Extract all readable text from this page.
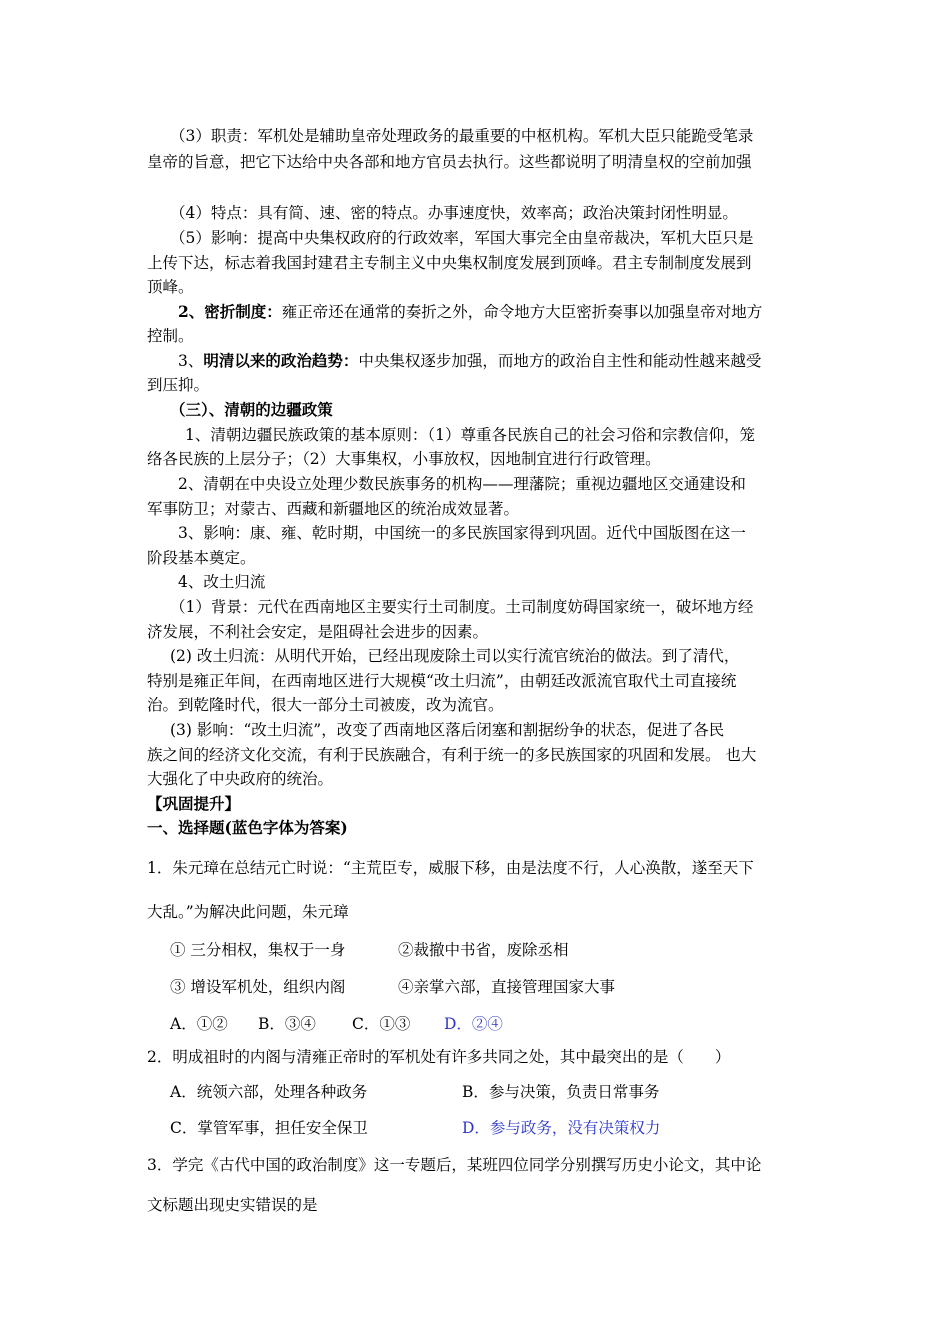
（3）职责：军机处是辅助皇帝处理政务的最重要的中枢机构。军机大臣只能跪受笔录
皇帝的旨意，把它下达给中央各部和地方官员去执行。这些都说明了明清皇权的空前加强
（4）特点：具有简、速、密的特点。办事速度快，效率高；政治决策封闭性明显。
（5）影响：提高中央集权政府的行政效率，军国大事完全由皇帝裁决，军机大臣只是
上传下达，标志着我国封建君主专制主义中央集权制度发展到顶峰。君主专制制度发展到
顶峰。
2、密折制度：雍正帝还在通常的奏折之外，命令地方大臣密折奏事以加强皇帝对地方
控制。
3、明清以来的政治趋势：中央集权逐步加强，而地方的政治自主性和能动性越来越受
到压抑。
（三）、清朝的边疆政策
1、清朝边疆民族政策的基本原则：（1）尊重各民族自己的社会习俗和宗教信仰，笼
络各民族的上层分子；（2）大事集权，小事放权，因地制宜进行行政管理。
2、清朝在中央设立处理少数民族事务的机构——理藩院；重视边疆地区交通建设和
军事防卫；对蒙古、西藏和新疆地区的统治成效显著。
3、影响：康、雍、乾时期，中国统一的多民族国家得到巩固。近代中国版图在这一
阶段基本奠定。
4、改土归流
（1）背景：元代在西南地区主要实行土司制度。土司制度妨碍国家统一，破坏地方经
济发展，不利社会安定，是阻碍社会进步的因素。
(2) 改土归流：从明代开始，已经出现废除土司以实行流官统治的做法。到了清代，
特别是雍正年间，在西南地区进行大规模“改土归流”，由朝廷改派流官取代土司直接统
治。到乾隆时代，很大一部分土司被废，改为流官。
(3) 影响：“改土归流”，改变了西南地区落后闭塞和割据纷争的状态，促进了各民
族之间的经济文化交流，有利于民族融合，有利于统一的多民族国家的巩固和发展。 也大
大强化了中央政府的统治。
【巩固提升】
一、选择题(蓝色字体为答案)
1．朱元璋在总结元亡时说：“主荒臣专，威服下移，由是法度不行，人心涣散，遂至天下
大乱。”为解决此问题，朱元璋
① 三分相权，集权于一身	②裁撤中书省，废除丞相
③ 增设军机处，组织内阁	④亲掌六部，直接管理国家大事
A．①② B．③④ C．①③ D．②④
2．明成祖时的内阁与清雍正帝时的军机处有许多共同之处，其中最突出的是（　　）
A．统领六部，处理各种政务	B．参与决策，负责日常事务
C．掌管军事，担任安全保卫	D．参与政务，没有决策权力
3．学完《古代中国的政治制度》这一专题后，某班四位同学分别撰写历史小论文，其中论
文标题出现史实错误的是
